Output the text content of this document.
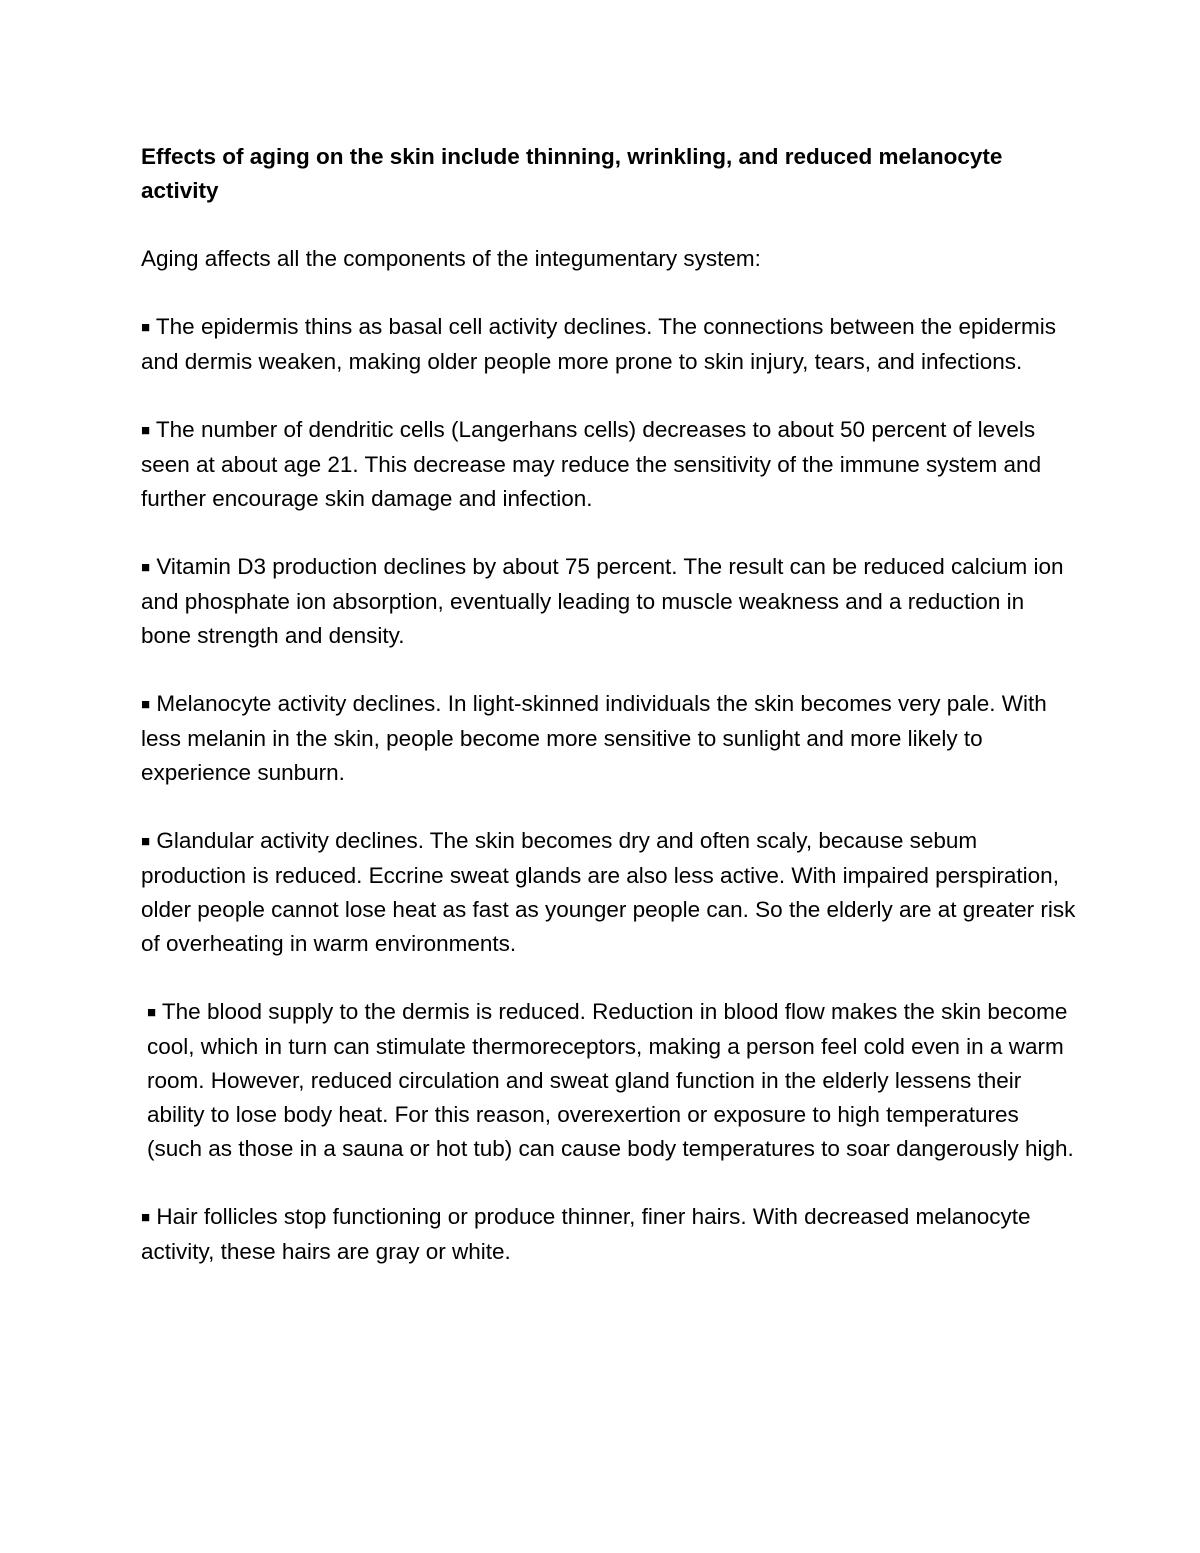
Effects of aging on the skin include thinning, wrinkling, and reduced melanocyte activity
Aging affects all the components of the integumentary system:
■ The epidermis thins as basal cell activity declines. The connections between the epidermis and dermis weaken, making older people more prone to skin injury, tears, and infections.
■ The number of dendritic cells (Langerhans cells) decreases to about 50 percent of levels seen at about age 21. This decrease may reduce the sensitivity of the immune system and further encourage skin damage and infection.
■ Vitamin D3 production declines by about 75 percent. The result can be reduced calcium ion and phosphate ion absorption, eventually leading to muscle weakness and a reduction in bone strength and density.
■ Melanocyte activity declines. In light-skinned individuals the skin becomes very pale. With less melanin in the skin, people become more sensitive to sunlight and more likely to experience sunburn.
■ Glandular activity declines. The skin becomes dry and often scaly, because sebum production is reduced. Eccrine sweat glands are also less active. With impaired perspiration, older people cannot lose heat as fast as younger people can. So the elderly are at greater risk of overheating in warm environments.
■ The blood supply to the dermis is reduced. Reduction in blood flow makes the skin become cool, which in turn can stimulate thermoreceptors, making a person feel cold even in a warm room. However, reduced circulation and sweat gland function in the elderly lessens their ability to lose body heat. For this reason, overexertion or exposure to high temperatures (such as those in a sauna or hot tub) can cause body temperatures to soar dangerously high.
■ Hair follicles stop functioning or produce thinner, finer hairs. With decreased melanocyte activity, these hairs are gray or white.
